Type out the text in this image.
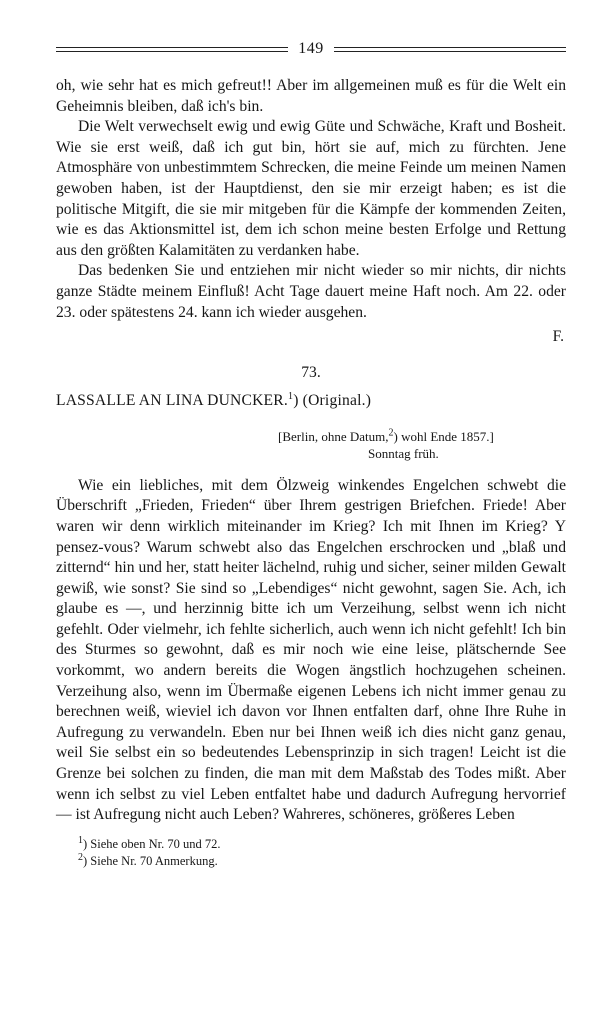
149

oh, wie sehr hat es mich gefreut!! Aber im allgemeinen muß es für die Welt ein Geheimnis bleiben, daß ich's bin.

Die Welt verwechselt ewig und ewig Güte und Schwäche, Kraft und Bosheit. Wie sie erst weiß, daß ich gut bin, hört sie auf, mich zu fürchten. Jene Atmosphäre von unbestimmtem Schrecken, die meine Feinde um meinen Namen gewoben haben, ist der Hauptdienst, den sie mir erzeigt haben; es ist die politische Mitgift, die sie mir mitgeben für die Kämpfe der kommenden Zeiten, wie es das Aktionsmittel ist, dem ich schon meine besten Erfolge und Rettung aus den größten Kalamitäten zu verdanken habe.

Das bedenken Sie und entziehen mir nicht wieder so mir nichts, dir nichts ganze Städte meinem Einfluß! Acht Tage dauert meine Haft noch. Am 22. oder 23. oder spätestens 24. kann ich wieder ausgehen.

F.
73.
LASSALLE AN LINA DUNCKER.$^1$) (Original.)
[Berlin, ohne Datum,$^2$) wohl Ende 1857.]
Sonntag früh.

Wie ein liebliches, mit dem Ölzweig winkendes Engelchen schwebt die Überschrift „Frieden, Frieden“ über Ihrem gestrigen Briefchen. Friede! Aber waren wir denn wirklich miteinander im Krieg? Ich mit Ihnen im Krieg? Y pensez-vous? Warum schwebt also das Engelchen erschrocken und „blaß und zitternd“ hin und her, statt heiter lächelnd, ruhig und sicher, seiner milden Gewalt gewiß, wie sonst? Sie sind so „Lebendiges“ nicht gewohnt, sagen Sie. Ach, ich glaube es —, und herzinnig bitte ich um Verzeihung, selbst wenn ich nicht gefehlt. Oder vielmehr, ich fehlte sicherlich, auch wenn ich nicht gefehlt! Ich bin des Sturmes so gewohnt, daß es mir noch wie eine leise, plätschernde See vorkommt, wo andern bereits die Wogen ängstlich hochzugehen scheinen. Verzeihung also, wenn im Übermaße eigenen Lebens ich nicht immer genau zu berechnen weiß, wieviel ich davon vor Ihnen entfalten darf, ohne Ihre Ruhe in Aufregung zu verwandeln. Eben nur bei Ihnen weiß ich dies nicht ganz genau, weil Sie selbst ein so bedeutendes Lebensprinzip in sich tragen! Leicht ist die Grenze bei solchen zu finden, die man mit dem Maßstab des Todes mißt. Aber wenn ich selbst zu viel Leben entfaltet habe und dadurch Aufregung hervorrief — ist Aufregung nicht auch Leben? Wahreres, schöneres, größeres Leben

$^1$) Siehe oben Nr. 70 und 72.
$^2$) Siehe Nr. 70 Anmerkung.
